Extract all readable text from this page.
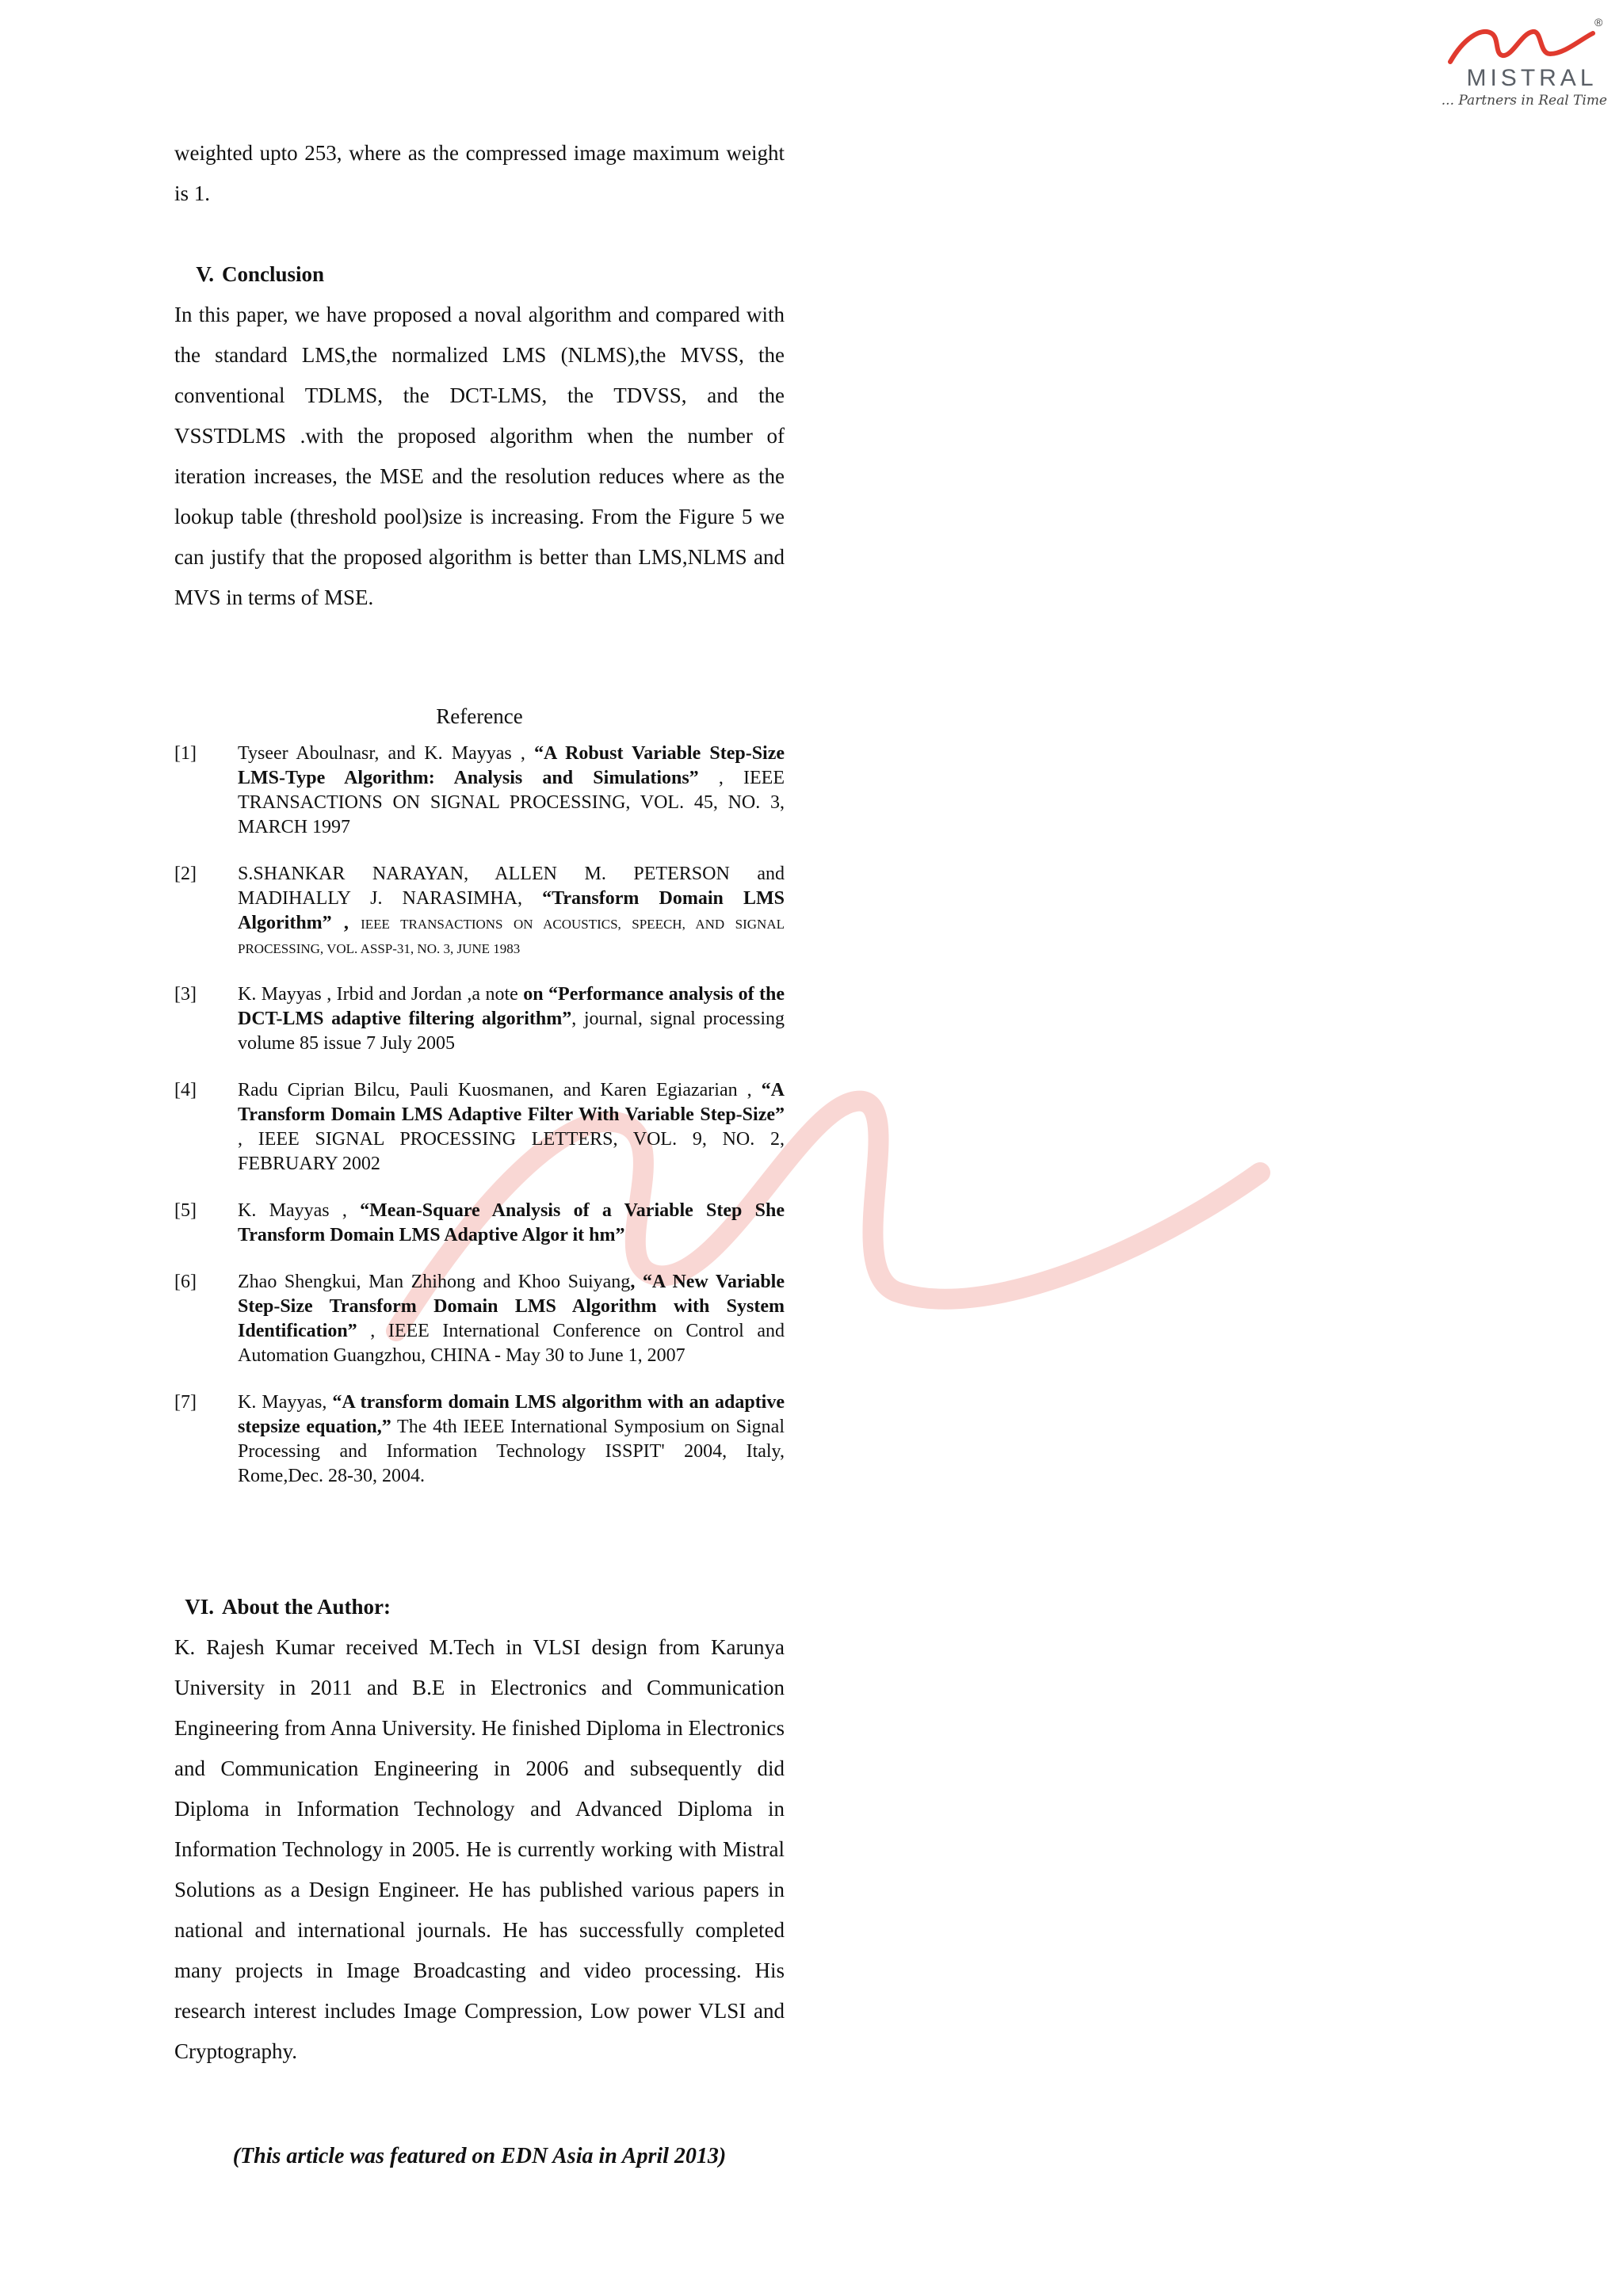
®
MISTRAL
... Partners in Real Time

weighted upto 253, where as the compressed image maximum weight is 1.

V. Conclusion

In this paper, we have proposed a noval algorithm and compared with the standard LMS,the normalized LMS (NLMS),the MVSS, the conventional TDLMS, the DCT-LMS, the TDVSS, and the VSSTDLMS .with the proposed algorithm when the number of iteration increases, the MSE and the resolution reduces where as the lookup table (threshold pool)size is increasing. From the Figure 5 we can justify that the proposed algorithm is better than LMS,NLMS and MVS in terms of MSE.

Reference
[1] Tyseer Aboulnasr, and K. Mayyas , “A Robust Variable Step-Size LMS-Type Algorithm: Analysis and Simulations” , IEEE TRANSACTIONS ON SIGNAL PROCESSING, VOL. 45, NO. 3, MARCH 1997
[2] S.SHANKAR NARAYAN, ALLEN M. PETERSON and MADIHALLY J. NARASIMHA, “Transform Domain LMS Algorithm” , IEEE TRANSACTIONS ON ACOUSTICS, SPEECH, AND SIGNAL PROCESSING, VOL. ASSP-31, NO. 3, JUNE 1983
[3] K. Mayyas , Irbid and Jordan ,a note on “Performance analysis of the DCT-LMS adaptive filtering algorithm”, journal, signal processing volume 85 issue 7 July 2005
[4] Radu Ciprian Bilcu, Pauli Kuosmanen, and Karen Egiazarian , “A Transform Domain LMS Adaptive Filter With Variable Step-Size” , IEEE SIGNAL PROCESSING LETTERS, VOL. 9, NO. 2, FEBRUARY 2002
[5] K. Mayyas , “Mean-Square Analysis of a Variable Step She Transform Domain LMS Adaptive Algor it hm”
[6] Zhao Shengkui, Man Zhihong and Khoo Suiyang, “A New Variable Step-Size Transform Domain LMS Algorithm with System Identification” , IEEE International Conference on Control and Automation Guangzhou, CHINA - May 30 to June 1, 2007
[7] K. Mayyas, “A transform domain LMS algorithm with an adaptive stepsize equation,” The 4th IEEE International Symposium on Signal Processing and Information Technology ISSPIT' 2004, Italy, Rome,Dec. 28-30, 2004.
VI. About the Author:

K. Rajesh Kumar received M.Tech in VLSI design from Karunya University in 2011 and B.E in Electronics and Communication Engineering from Anna University. He finished Diploma in Electronics and Communication Engineering in 2006 and subsequently did Diploma in Information Technology and Advanced Diploma in Information Technology in 2005. He is currently working with Mistral Solutions as a Design Engineer. He has published various papers in national and international journals. He has successfully completed many projects in Image Broadcasting and video processing. His research interest includes Image Compression, Low power VLSI and Cryptography.

(This article was featured on EDN Asia in April 2013)
